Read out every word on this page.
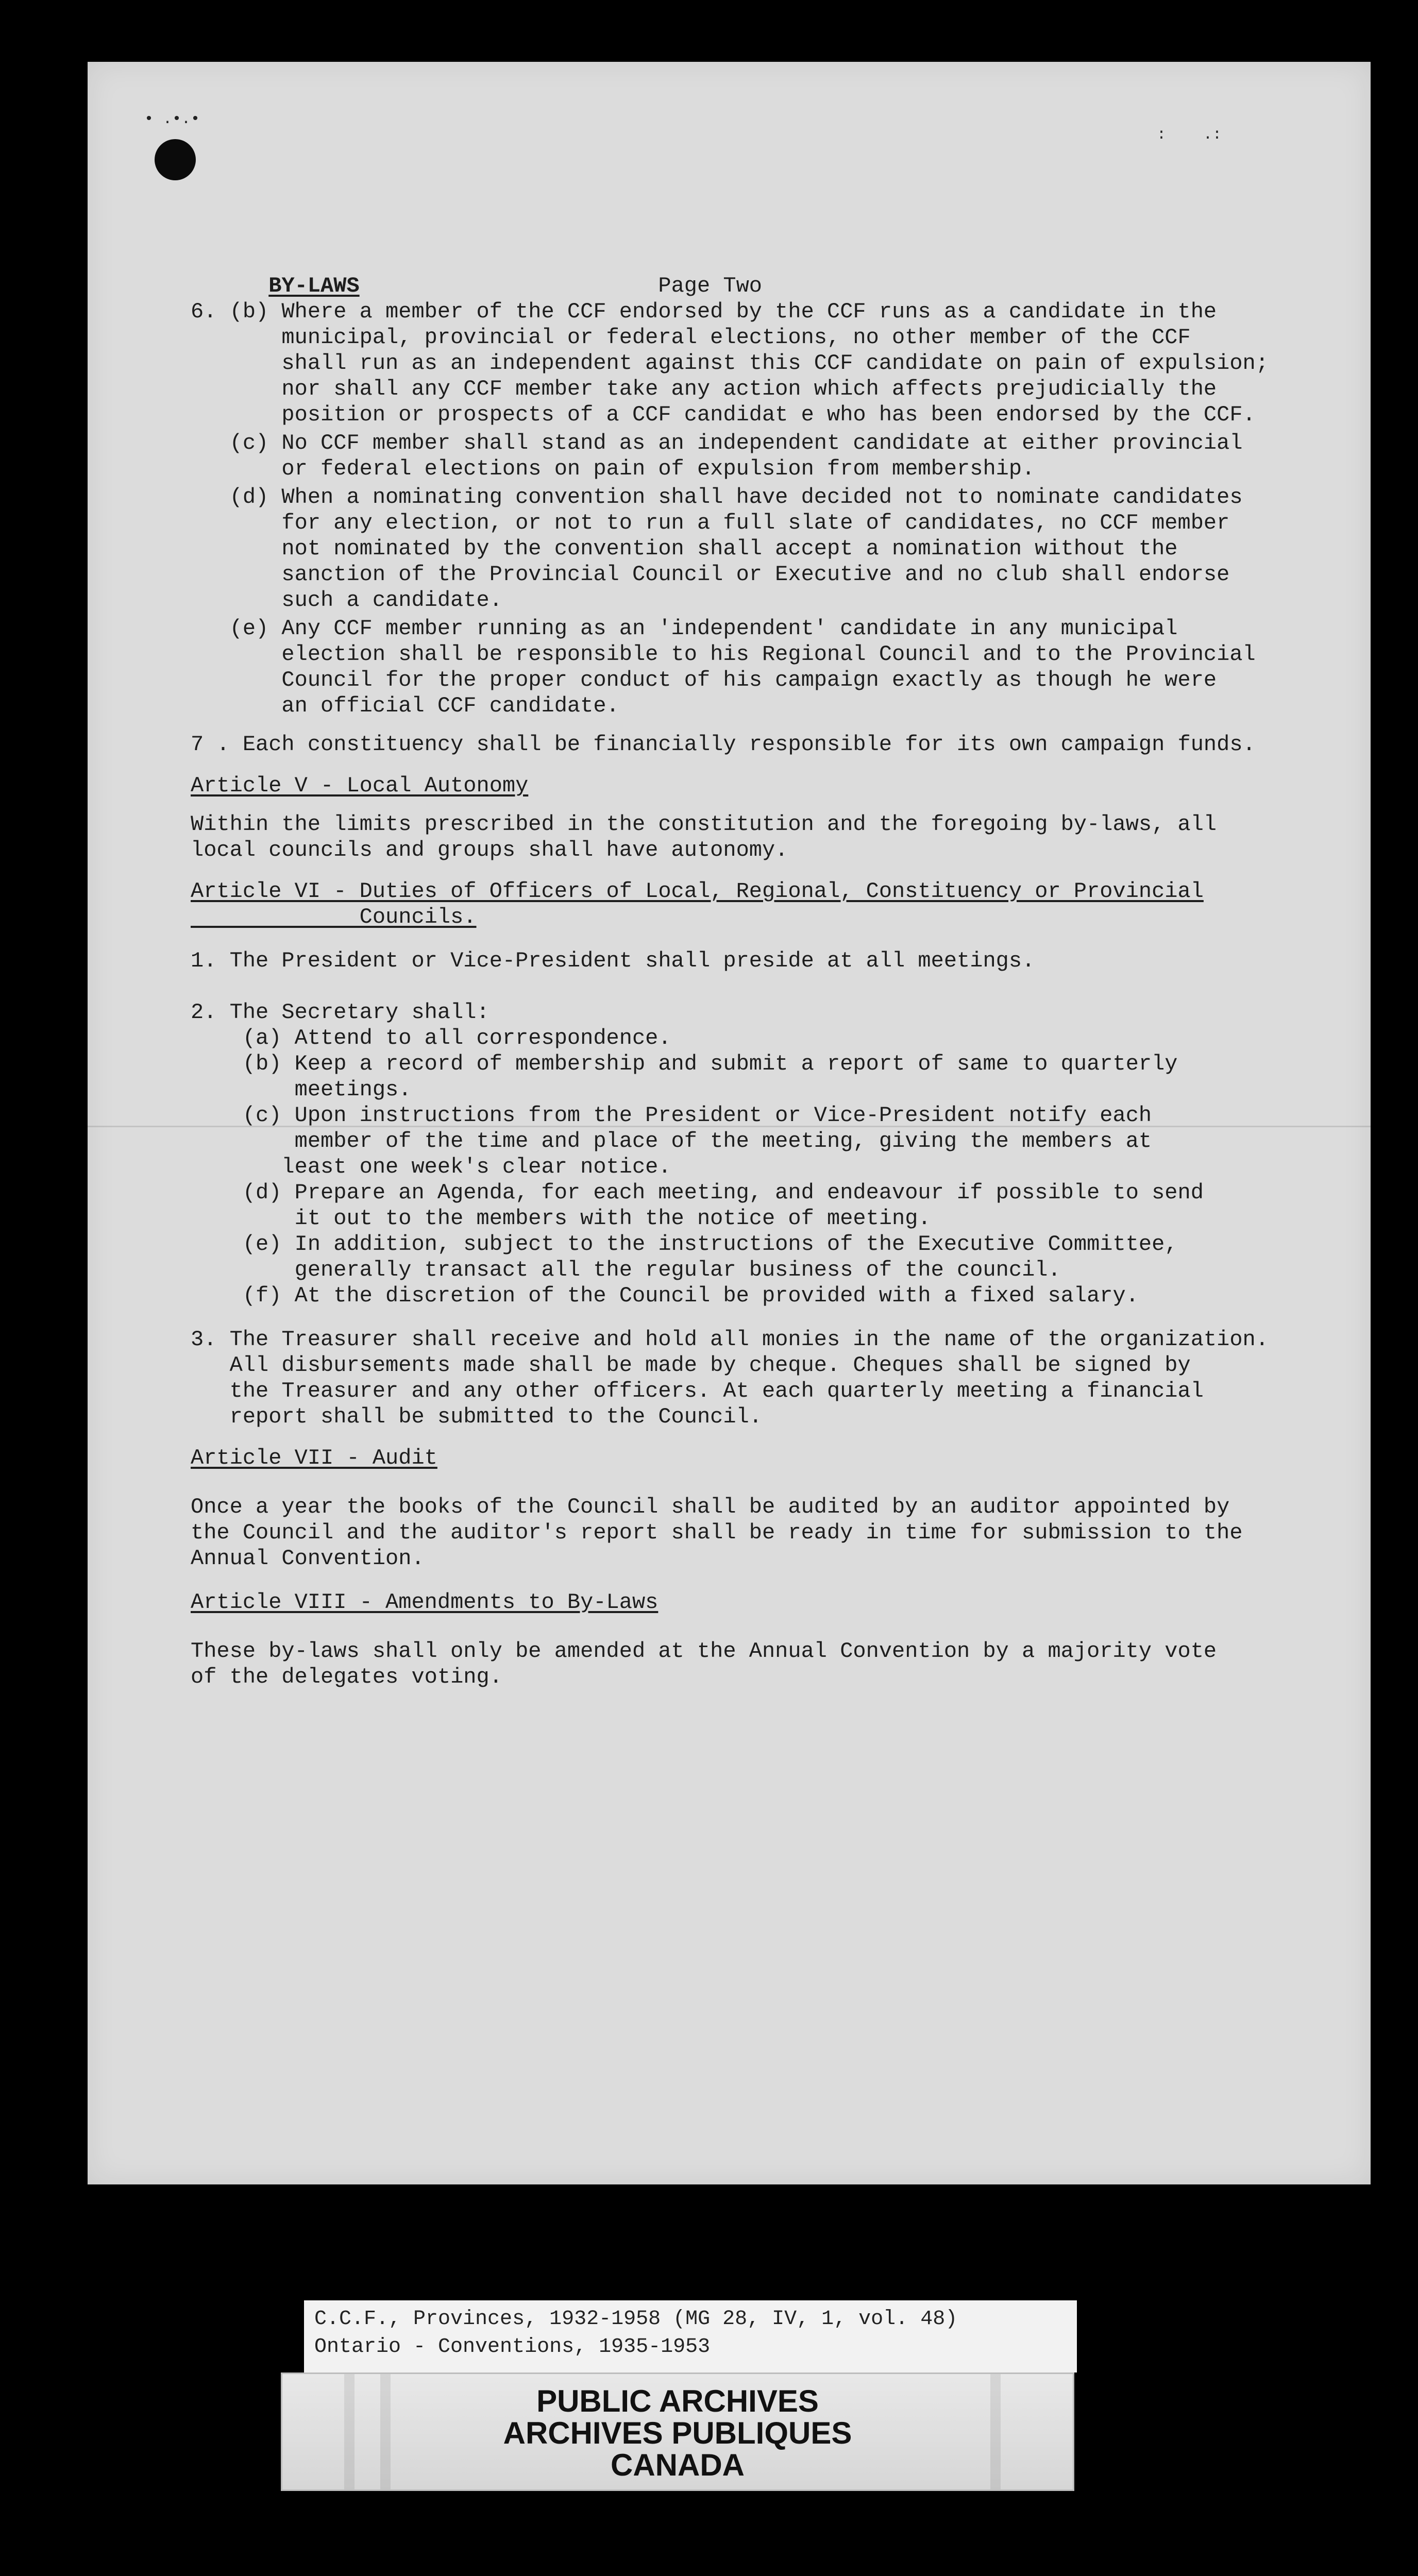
• .•.•
:    .:

BY-LAWS	Page Two

6. (b) Where a member of the CCF endorsed by the CCF runs as a candidate in the
municipal, provincial or federal elections, no other member of the CCF
shall run as an independent against this CCF candidate on pain of expulsion;
nor shall any CCF member take any action which affects prejudicially the
position or prospects of a CCF candidat e who has been endorsed by the CCF.
(c) No CCF member shall stand as an independent candidate at either provincial
or federal elections on pain of expulsion from membership.
(d) When a nominating convention shall have decided not to nominate candidates
for any election, or not to run a full slate of candidates, no CCF member
not nominated by the convention shall accept a nomination without the
sanction of the Provincial Council or Executive and no club shall endorse
such a candidate.
(e) Any CCF member running as an 'independent' candidate in any municipal
election shall be responsible to his Regional Council and to the Provincial
Council for the proper conduct of his campaign exactly as though he were
an official CCF candidate.
7 . Each constituency shall be financially responsible for its own campaign funds.
Article V - Local Autonomy
Within the limits prescribed in the constitution and the foregoing by-laws, all
local councils and groups shall have autonomy.
Article VI - Duties of Officers of Local, Regional, Constituency or Provincial
Councils.
1. The President or Vice-President shall preside at all meetings.
2. The Secretary shall:
(a) Attend to all correspondence.
(b) Keep a record of membership and submit a report of same to quarterly
meetings.
(c) Upon instructions from the President or Vice-President notify each
member of the time and place of the meeting, giving the members at
least one week's clear notice.
(d) Prepare an Agenda, for each meeting, and endeavour if possible to send
it out to the members with the notice of meeting.
(e) In addition, subject to the instructions of the Executive Committee,
generally transact all the regular business of the council.
(f) At the discretion of the Council be provided with a fixed salary.
3. The Treasurer shall receive and hold all monies in the name of the organization.
All disbursements made shall be made by cheque. Cheques shall be signed by
the Treasurer and any other officers. At each quarterly meeting a financial
report shall be submitted to the Council.
Article VII - Audit
Once a year the books of the Council shall be audited by an auditor appointed by
the Council and the auditor's report shall be ready in time for submission to the
Annual Convention.
Article VIII - Amendments to By-Laws
These by-laws shall only be amended at the Annual Convention by a majority vote
of the delegates voting.
C.C.F., Provinces, 1932-1958 (MG 28, IV, 1, vol. 48)
Ontario - Conventions, 1935-1953
PUBLIC ARCHIVES
ARCHIVES PUBLIQUES
CANADA
